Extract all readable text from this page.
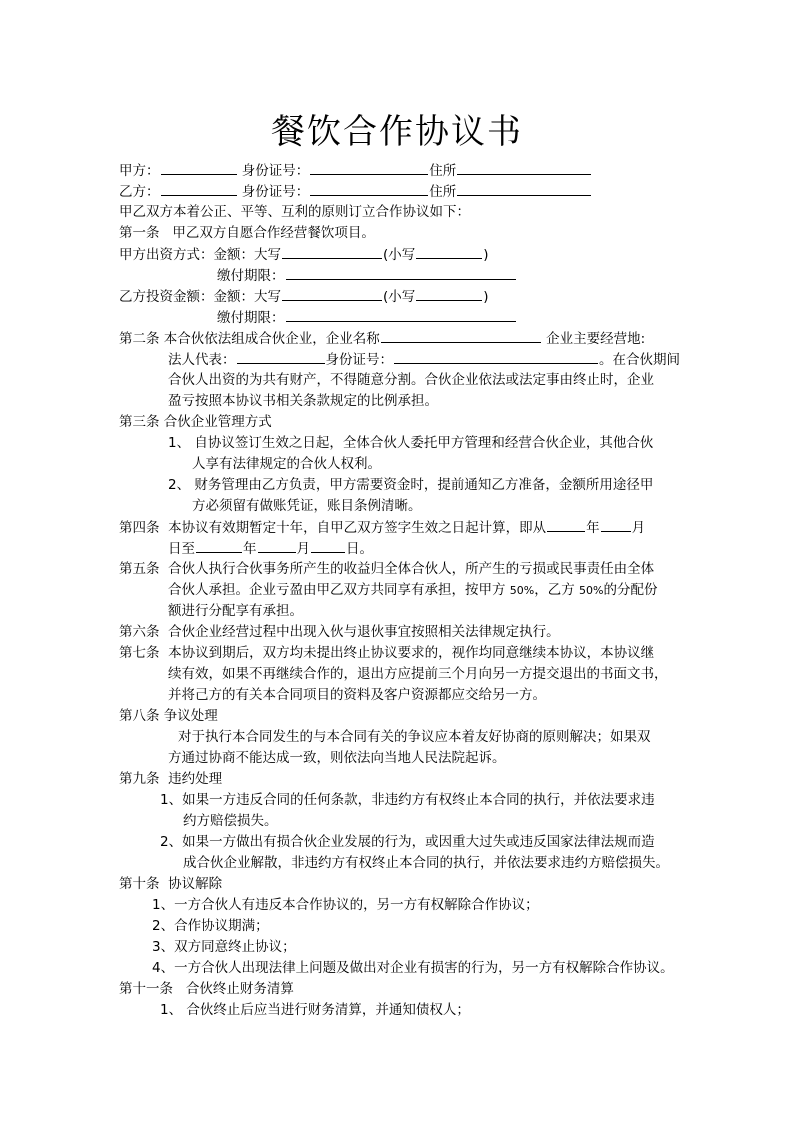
餐饮合作协议书
甲方：	身份证号：	住所
乙方：	身份证号：	住所
甲乙双方本着公正、平等、互利的原则订立合作协议如下：
第一条 甲乙双方自愿合作经营餐饮项目。
甲方出资方式：金额：大写	(小写	)
缴付期限：
乙方投资金额：金额：大写	(小写	)
缴付期限：
第二条 本合伙依法组成合伙企业，企业名称	企业主要经营地:
法人代表：	身份证号：	。在合伙期间
合伙人出资的为共有财产，不得随意分割。合伙企业依法或法定事由终止时，企业
盈亏按照本协议书相关条款规定的比例承担。
第三条 合伙企业管理方式
1、 自协议签订生效之日起，全体合伙人委托甲方管理和经营合伙企业，其他合伙
人享有法律规定的合伙人权利。
2、 财务管理由乙方负责，甲方需要资金时，提前通知乙方准备，金额所用途径甲
方必须留有做账凭证，账目条例清晰。
第四条 本协议有效期暂定十年，自甲乙双方签字生效之日起计算，即从	年 月
日至	年	月	日。
第五条 合伙人执行合伙事务所产生的收益归全体合伙人，所产生的亏损或民事责任由全体
合伙人承担。企业亏盈由甲乙双方共同享有承担，按甲方 50%，乙方 50%的分配份
额进行分配享有承担。
第六条 合伙企业经营过程中出现入伙与退伙事宜按照相关法律规定执行。
第七条 本协议到期后，双方均未提出终止协议要求的，视作均同意继续本协议，本协议继
续有效，如果不再继续合作的，退出方应提前三个月向另一方提交退出的书面文书，
并将己方的有关本合同项目的资料及客户资源都应交给另一方。
第八条 争议处理
对于执行本合同发生的与本合同有关的争议应本着友好协商的原则解决；如果双
方通过协商不能达成一致，则依法向当地人民法院起诉。
第九条 违约处理
1、如果一方违反合同的任何条款，非违约方有权终止本合同的执行，并依法要求违
约方赔偿损失。
2、如果一方做出有损合伙企业发展的行为，或因重大过失或违反国家法律法规而造
成合伙企业解散，非违约方有权终止本合同的执行，并依法要求违约方赔偿损失。
第十条 协议解除
1、一方合伙人有违反本合作协议的，另一方有权解除合作协议；
2、合作协议期满；
3、双方同意终止协议；
4、一方合伙人出现法律上问题及做出对企业有损害的行为，另一方有权解除合作协议。
第十一条 合伙终止财务清算
1、 合伙终止后应当进行财务清算，并通知债权人；
